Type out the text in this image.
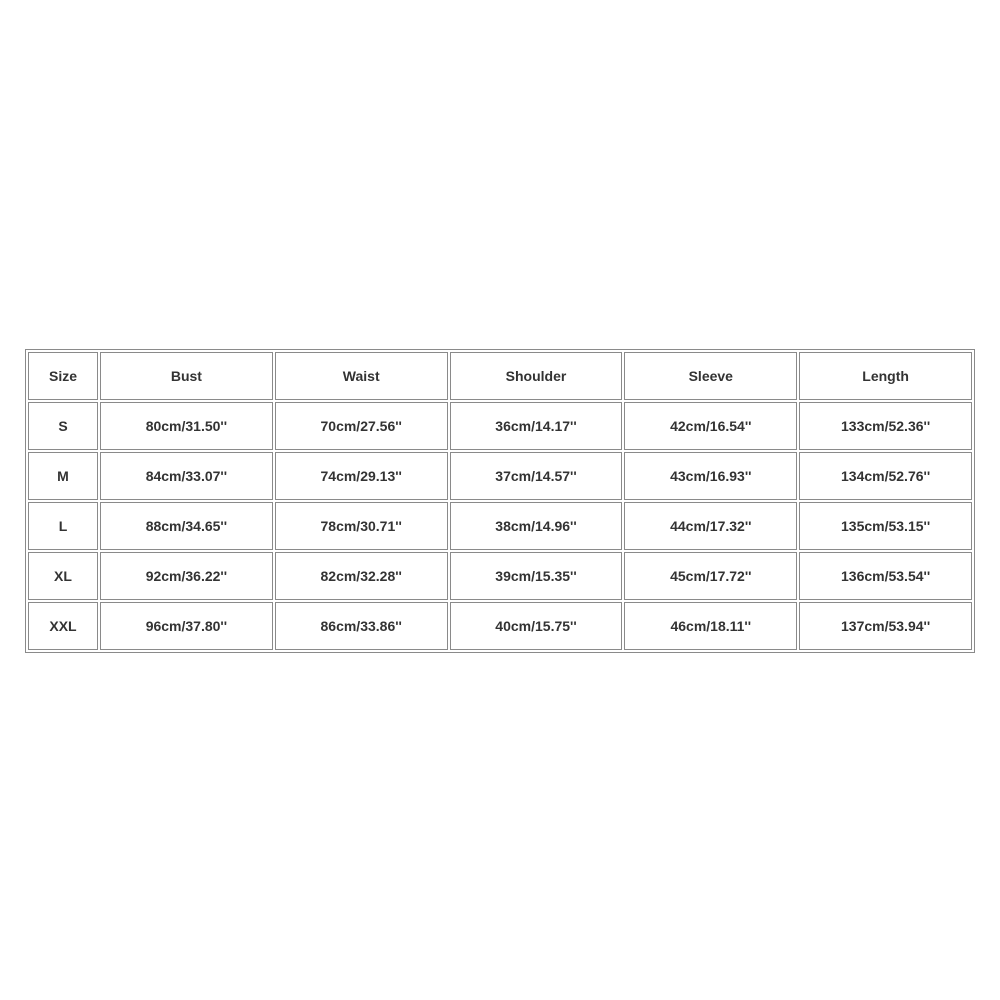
Size	Bust	Waist	Shoulder	Sleeve	Length
S	80cm/31.50''	70cm/27.56''	36cm/14.17''	42cm/16.54''	133cm/52.36''
M	84cm/33.07''	74cm/29.13''	37cm/14.57''	43cm/16.93''	134cm/52.76''
L	88cm/34.65''	78cm/30.71''	38cm/14.96''	44cm/17.32''	135cm/53.15''
XL	92cm/36.22''	82cm/32.28''	39cm/15.35''	45cm/17.72''	136cm/53.54''
XXL	96cm/37.80''	86cm/33.86''	40cm/15.75''	46cm/18.11''	137cm/53.94''
